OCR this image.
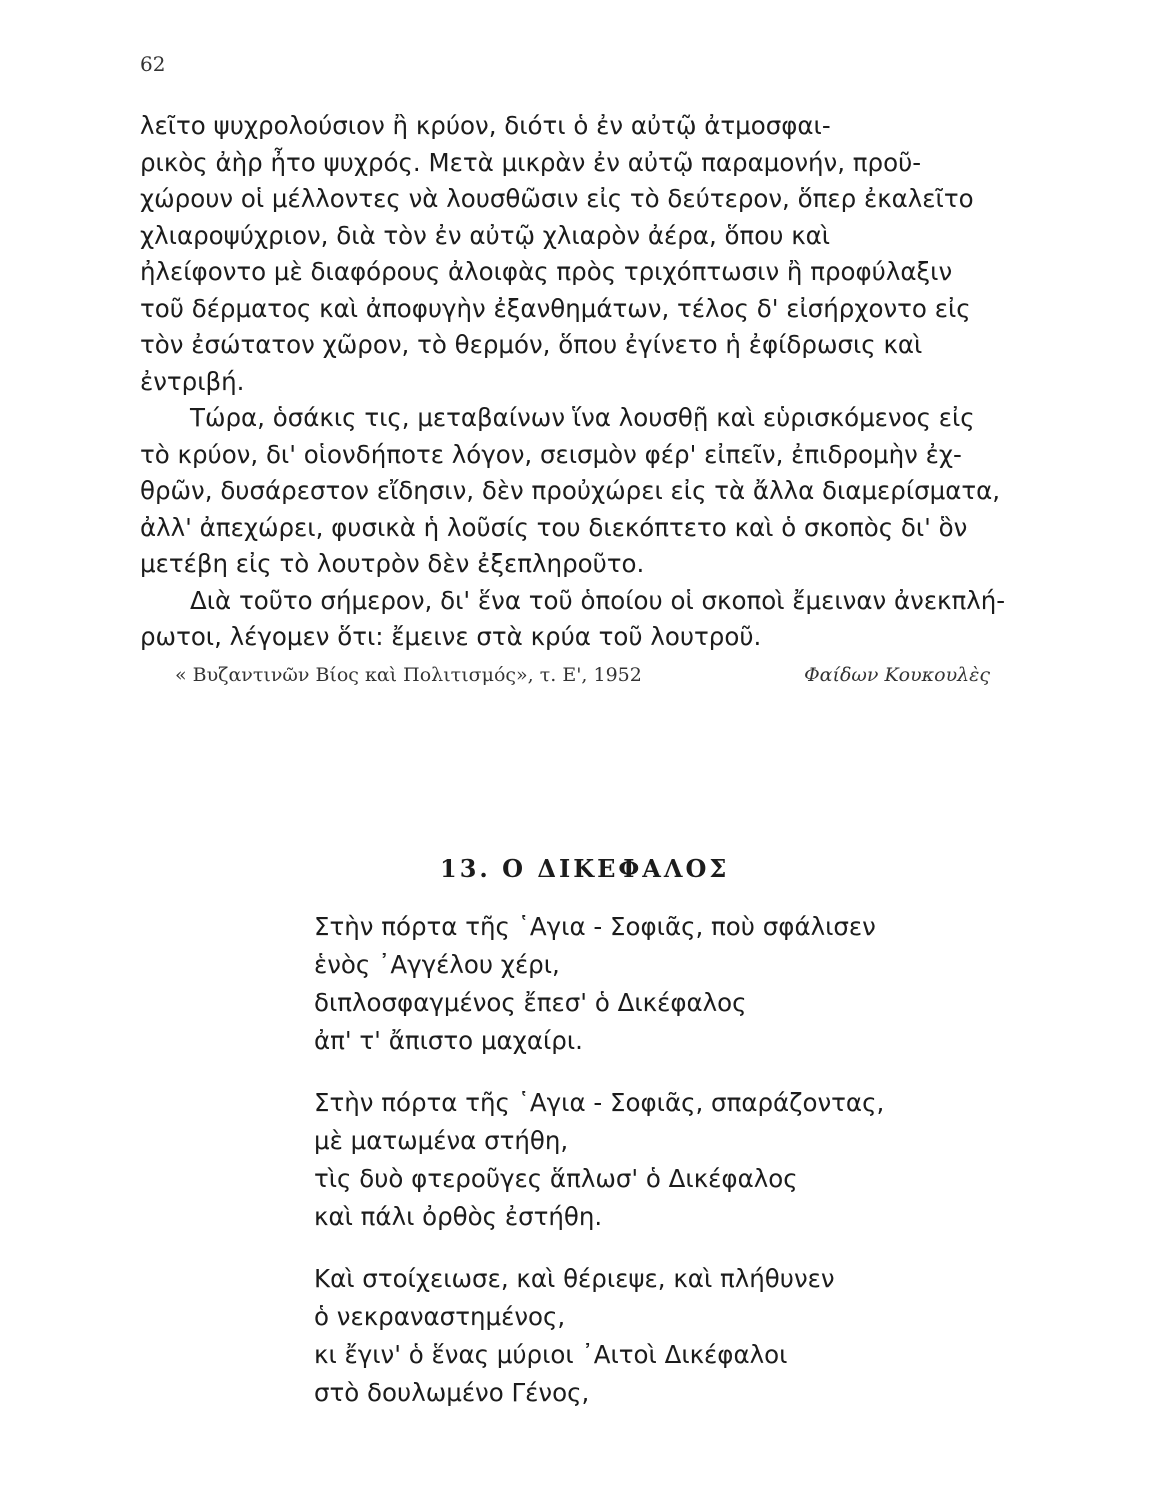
62
λεῖτο ψυχρολούσιον ἢ κρύον, διότι ὁ ἐν αὐτῷ ἀτμοσφαι-
ρικὸς ἀὴρ ἦτο ψυχρός. Μετὰ μικρὰν ἐν αὐτῷ παραμονήν, προῦ-
χώρουν οἱ μέλλοντες νὰ λουσθῶσιν εἰς τὸ δεύτερον, ὅπερ ἐκαλεῖτο
χλιαροψύχριον, διὰ τὸν ἐν αὐτῷ χλιαρὸν ἀέρα, ὅπου καὶ
ἠλείφοντο μὲ διαφόρους ἀλοιφὰς πρὸς τριχόπτωσιν ἢ προφύλαξιν
τοῦ δέρματος καὶ ἀποφυγὴν ἐξανθημάτων, τέλος δ' εἰσήρχοντο εἰς
τὸν ἐσώτατον χῶρον, τὸ θερμόν, ὅπου ἐγίνετο ἡ ἐφίδρωσις καὶ
ἐντριβή.
Τώρα, ὁσάκις τις, μεταβαίνων ἵνα λουσθῇ καὶ εὑρισκόμενος εἰς
τὸ κρύον, δι' οἱονδήποτε λόγον, σεισμὸν φέρ' εἰπεῖν, ἐπιδρομὴν ἐχ-
θρῶν, δυσάρεστον εἴδησιν, δὲν προὐχώρει εἰς τὰ ἄλλα διαμερίσματα,
ἀλλ' ἀπεχώρει, φυσικὰ ἡ λοῦσίς του διεκόπτετο καὶ ὁ σκοπὸς δι' ὃν
μετέβη εἰς τὸ λουτρὸν δὲν ἐξεπληροῦτο.
Διὰ τοῦτο σήμερον, δι' ἕνα τοῦ ὁποίου οἱ σκοποὶ ἔμειναν ἀνεκπλή-
ρωτοι, λέγομεν ὅτι: ἔμεινε στὰ κρύα τοῦ λουτροῦ.
« Βυζαντινῶν Βίος καὶ Πολιτισμός», τ. Ε', 1952	Φαίδων Κουκουλὲς
13. Ο ΔΙΚΕΦΑΛΟΣ
Στὴν πόρτα τῆς ῾Αγια - Σοφιᾶς, ποὺ σφάλισεν
ἑνὸς ᾿Αγγέλου χέρι,
διπλοσφαγμένος ἔπεσ' ὁ Δικέφαλος
ἀπ' τ' ἄπιστο μαχαίρι.
Στὴν πόρτα τῆς ῾Αγια - Σοφιᾶς, σπαράζοντας,
μὲ ματωμένα στήθη,
τὶς δυὸ φτεροῦγες ἅπλωσ' ὁ Δικέφαλος
καὶ πάλι ὀρθὸς ἐστήθη.
Καὶ στοίχειωσε, καὶ θέριεψε, καὶ πλήθυνεν
ὁ νεκραναστημένος,
κι ἔγιν' ὁ ἕνας μύριοι ᾿Αιτοὶ Δικέφαλοι
στὸ δουλωμένο Γένος,
